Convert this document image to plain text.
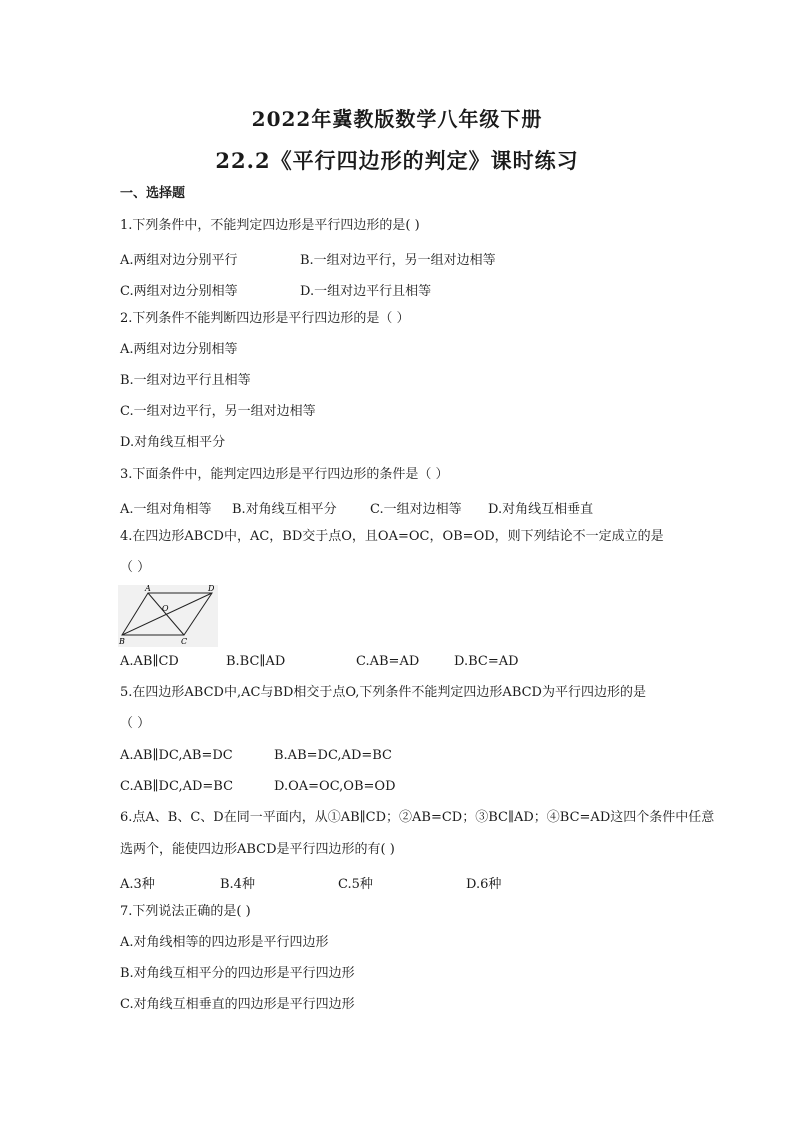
2022年冀教版数学八年级下册
22.2《平行四边形的判定》课时练习
一、选择题
1.下列条件中，不能判定四边形是平行四边形的是( )
A.两组对边分别平行	B.一组对边平行，另一组对边相等
C.两组对边分别相等	D.一组对边平行且相等
2.下列条件不能判断四边形是平行四边形的是（ ）
A.两组对边分别相等
B.一组对边平行且相等
C.一组对边平行，另一组对边相等
D.对角线互相平分
3.下面条件中，能判定四边形是平行四边形的条件是（ ）
A.一组对角相等 B.对角线互相平分	C.一组对边相等 D.对角线互相垂直
4.在四边形ABCD中，AC，BD交于点O，且OA=OC，OB=OD，则下列结论不一定成立的是
（ ）
A	D
O
B	C
A.AB∥CD	B.BC∥AD	C.AB=AD	D.BC=AD
5.在四边形ABCD中,AC与BD相交于点O,下列条件不能判定四边形ABCD为平行四边形的是
（ ）
A.AB∥DC,AB=DC	B.AB=DC,AD=BC
C.AB∥DC,AD=BC	D.OA=OC,OB=OD
6.点A、B、C、D在同一平面内，从①AB∥CD；②AB=CD；③BC∥AD；④BC=AD这四个条件中任意
选两个，能使四边形ABCD是平行四边形的有( )
A.3种	B.4种	C.5种	D.6种
7.下列说法正确的是( )
A.对角线相等的四边形是平行四边形
B.对角线互相平分的四边形是平行四边形
C.对角线互相垂直的四边形是平行四边形
